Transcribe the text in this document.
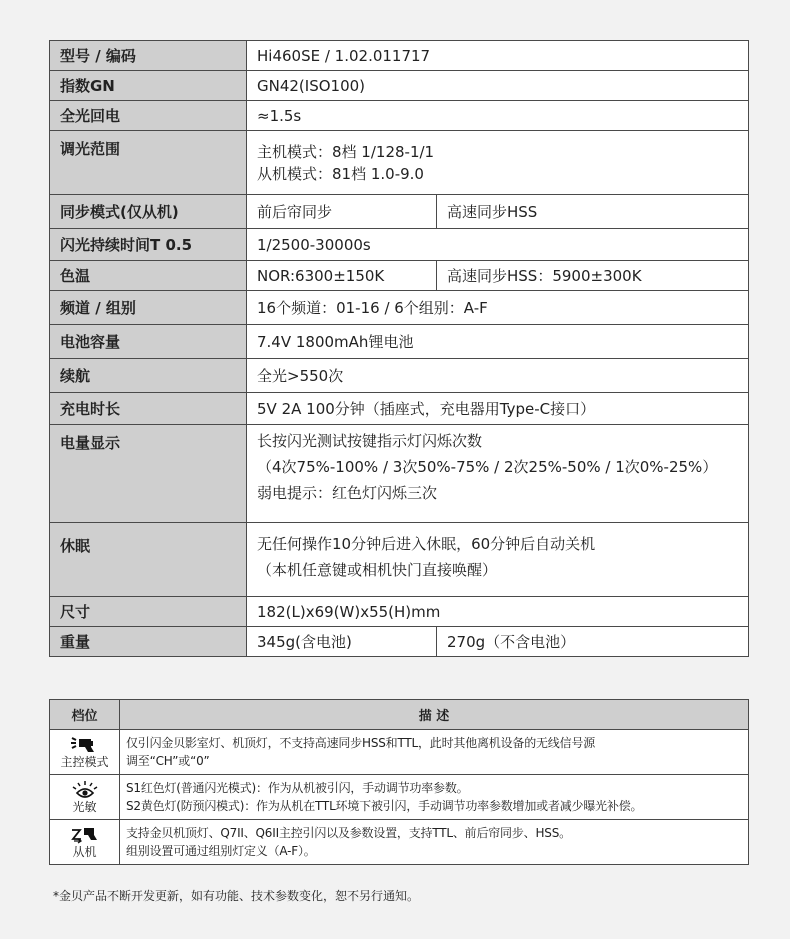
型号 / 编码	Hi460SE / 1.02.011717	
指数GN	GN42(ISO100)	
全光回电	≈1.5s	
调光范围	主机模式：8档 1/128-1/1
从机模式：81档 1.0-9.0	

同步模式(仅从机)	前后帘同步	高速同步HSS
闪光持续时间T 0.5	1/2500-30000s	
色温	NOR:6300±150K	高速同步HSS：5900±300K
频道 / 组别	16个频道：01-16 / 6个组别：A-F	
电池容量	7.4V 1800mAh锂电池	
续航	全光>550次	
充电时长	5V 2A 100分钟（插座式，充电器用Type-C接口）	
电量显示	长按闪光测试按键指示灯闪烁次数
（4次75%-100% / 3次50%-75% / 2次25%-50% / 1次0%-25%）
弱电提示：红色灯闪烁三次	

休眠	无任何操作10分钟后进入休眠，60分钟后自动关机
（本机任意键或相机快门直接唤醒）	

尺寸	182(L)x69(W)x55(H)mm	
重量	345g(含电池)	270g（不含电池）
档位	描 述

主控模式	仅引闪金贝影室灯、机顶灯，不支持高速同步HSS和TTL，此时其他离机设备的无线信号源
调至“CH”或“0”

光敏	S1红色灯(普通闪光模式)：作为从机被引闪，手动调节功率参数。
S2黄色灯(防预闪模式)：作为从机在TTL环境下被引闪，手动调节功率参数增加或者减少曝光补偿。

从机	支持金贝机顶灯、Q7II、Q6II主控引闪以及参数设置，支持TTL、前后帘同步、HSS。
组别设置可通过组别灯定义（A-F）。
*金贝产品不断开发更新，如有功能、技术参数变化，恕不另行通知。
